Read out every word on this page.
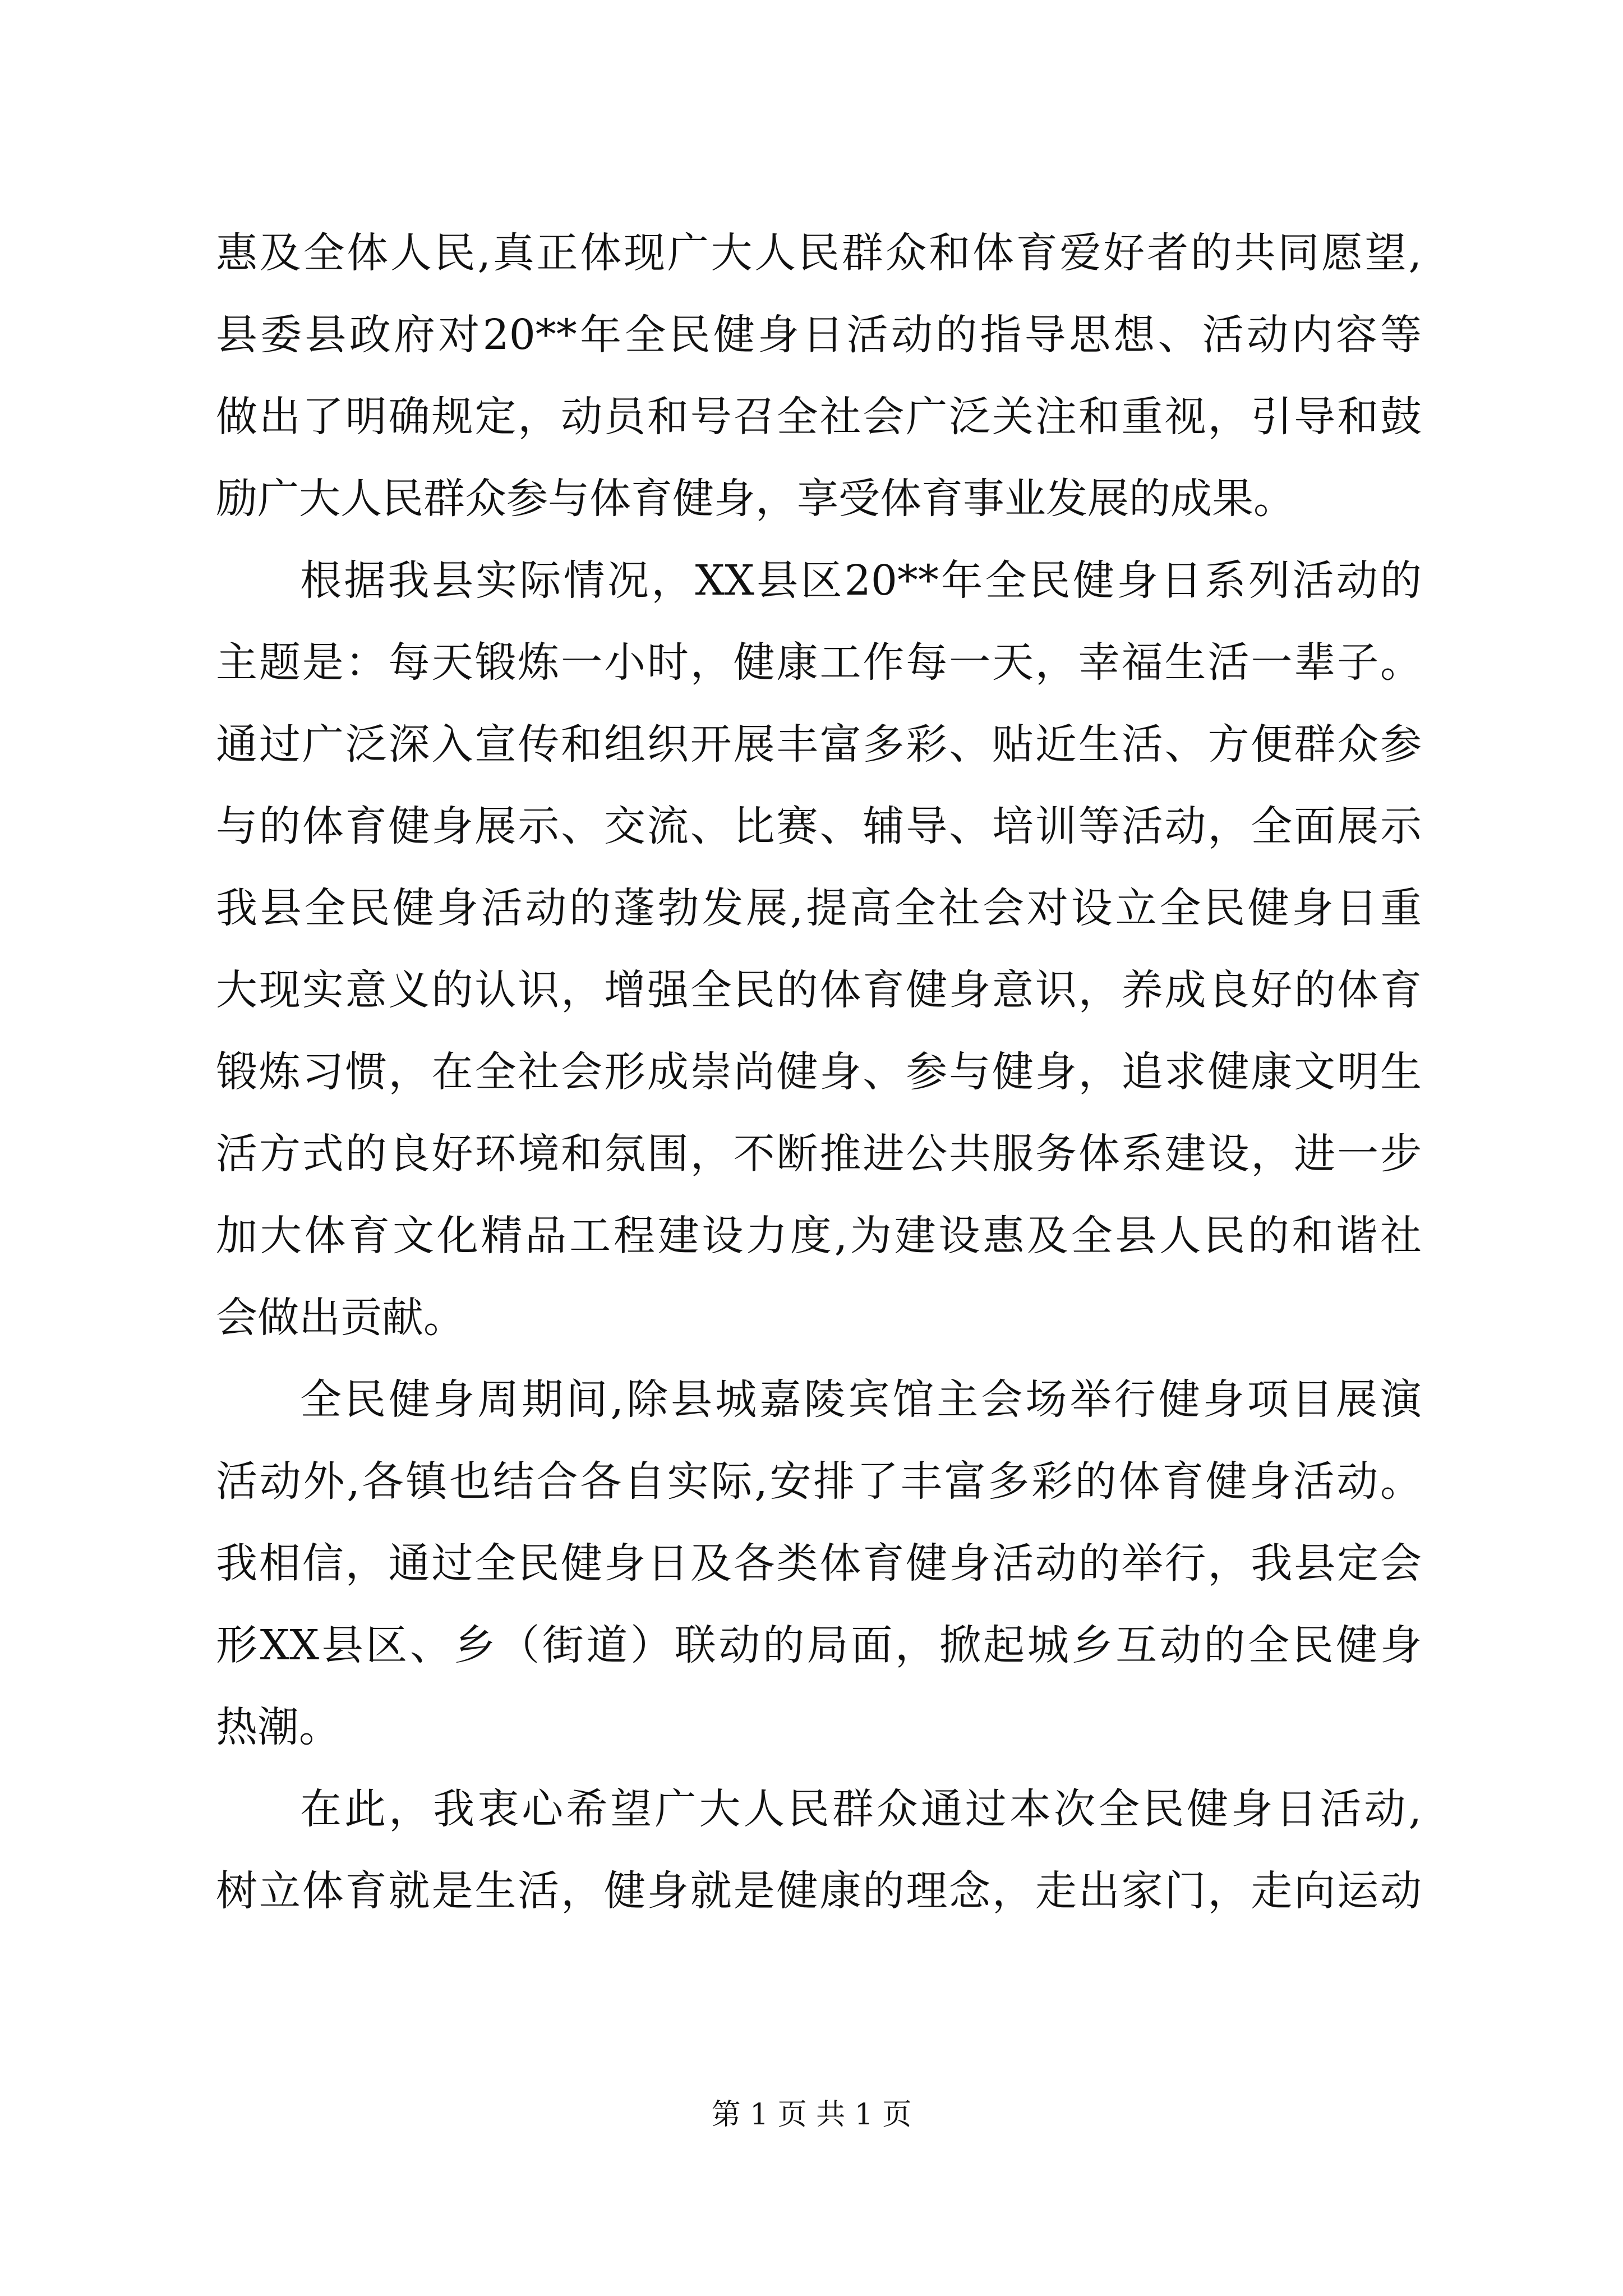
惠及全体人民,真正体现广大人民群众和体育爱好者的共同愿望,
县委县政府对20**年全民健身日活动的指导思想、活动内容等
做出了明确规定，动员和号召全社会广泛关注和重视，引导和鼓
励广大人民群众参与体育健身，享受体育事业发展的成果。
根据我县实际情况，XX县区20**年全民健身日系列活动的
主题是：每天锻炼一小时，健康工作每一天，幸福生活一辈子。
通过广泛深入宣传和组织开展丰富多彩、贴近生活、方便群众参
与的体育健身展示、交流、比赛、辅导、培训等活动，全面展示
我县全民健身活动的蓬勃发展,提高全社会对设立全民健身日重
大现实意义的认识，增强全民的体育健身意识，养成良好的体育
锻炼习惯，在全社会形成崇尚健身、参与健身，追求健康文明生
活方式的良好环境和氛围，不断推进公共服务体系建设，进一步
加大体育文化精品工程建设力度,为建设惠及全县人民的和谐社
会做出贡献。
全民健身周期间,除县城嘉陵宾馆主会场举行健身项目展演
活动外,各镇也结合各自实际,安排了丰富多彩的体育健身活动。
我相信，通过全民健身日及各类体育健身活动的举行，我县定会
形XX县区、乡（街道）联动的局面，掀起城乡互动的全民健身
热潮。
在此，我衷心希望广大人民群众通过本次全民健身日活动,
树立体育就是生活，健身就是健康的理念，走出家门，走向运动
第 1 页 共 1 页
